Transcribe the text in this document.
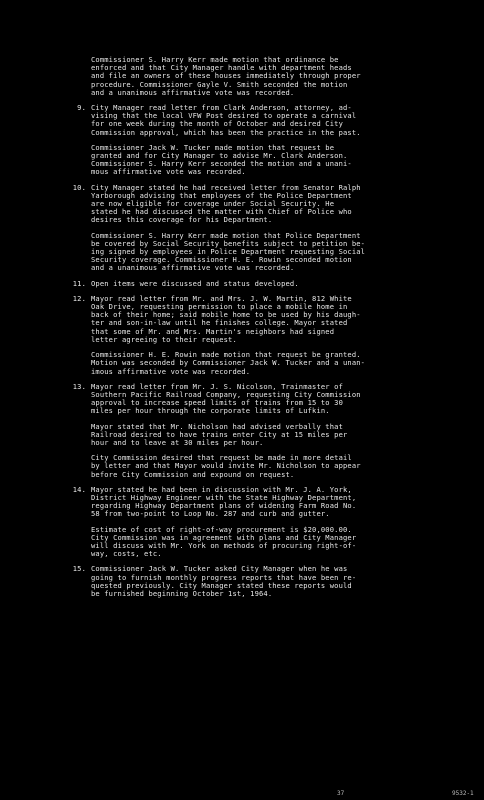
Commissioner S. Harry Kerr made motion that ordinance be
enforced and that City Manager handle with department heads
and file an owners of these houses immediately through proper
procedure. Commissioner Gayle V. Smith seconded the motion
and a unanimous affirmative vote was recorded.

9. City Manager read letter from Clark Anderson, attorney, ad-
vising that the local VFW Post desired to operate a carnival
for one week during the month of October and desired City
Commission approval, which has been the practice in the past.

Commissioner Jack W. Tucker made motion that request be
granted and for City Manager to advise Mr. Clark Anderson.
Commissioner S. Harry Kerr seconded the motion and a unani-
mous affirmative vote was recorded.

10. City Manager stated he had received letter from Senator Ralph
Yarborough advising that employees of the Police Department
are now eligible for coverage under Social Security. He
stated he had discussed the matter with Chief of Police who
desires this coverage for his Department.

Commissioner S. Harry Kerr made motion that Police Department
be covered by Social Security benefits subject to petition be-
ing signed by employees in Police Department requesting Social
Security coverage. Commissioner H. E. Rowin seconded motion
and a unanimous affirmative vote was recorded.

11. Open items were discussed and status developed.

12. Mayor read letter from Mr. and Mrs. J. W. Martin, 812 White
Oak Drive, requesting permission to place a mobile home in
back of their home; said mobile home to be used by his daugh-
ter and son-in-law until he finishes college. Mayor stated
that some of Mr. and Mrs. Martin's neighbors had signed
letter agreeing to their request.

Commissioner H. E. Rowin made motion that request be granted.
Motion was seconded by Commissioner Jack W. Tucker and a unan-
imous affirmative vote was recorded.

13. Mayor read letter from Mr. J. S. Nicolson, Trainmaster of
Southern Pacific Railroad Company, requesting City Commission
approval to increase speed limits of trains from 15 to 30
miles per hour through the corporate limits of Lufkin.

Mayor stated that Mr. Nicholson had advised verbally that
Railroad desired to have trains enter City at 15 miles per
hour and to leave at 30 miles per hour.

City Commission desired that request be made in more detail
by letter and that Mayor would invite Mr. Nicholson to appear
before City Commission and expound on request.

14. Mayor stated he had been in discussion with Mr. J. A. York,
District Highway Engineer with the State Highway Department,
regarding Highway Department plans of widening Farm Road No.
58 from two-point to Loop No. 287 and curb and gutter.

Estimate of cost of right-of-way procurement is $20,000.00.
City Commission was in agreement with plans and City Manager
will discuss with Mr. York on methods of procuring right-of-
way, costs, etc.

15. Commissioner Jack W. Tucker asked City Manager when he was
going to furnish monthly progress reports that have been re-
quested previously. City Manager stated these reports would
be furnished beginning October 1st, 1964.

37	9532-1
